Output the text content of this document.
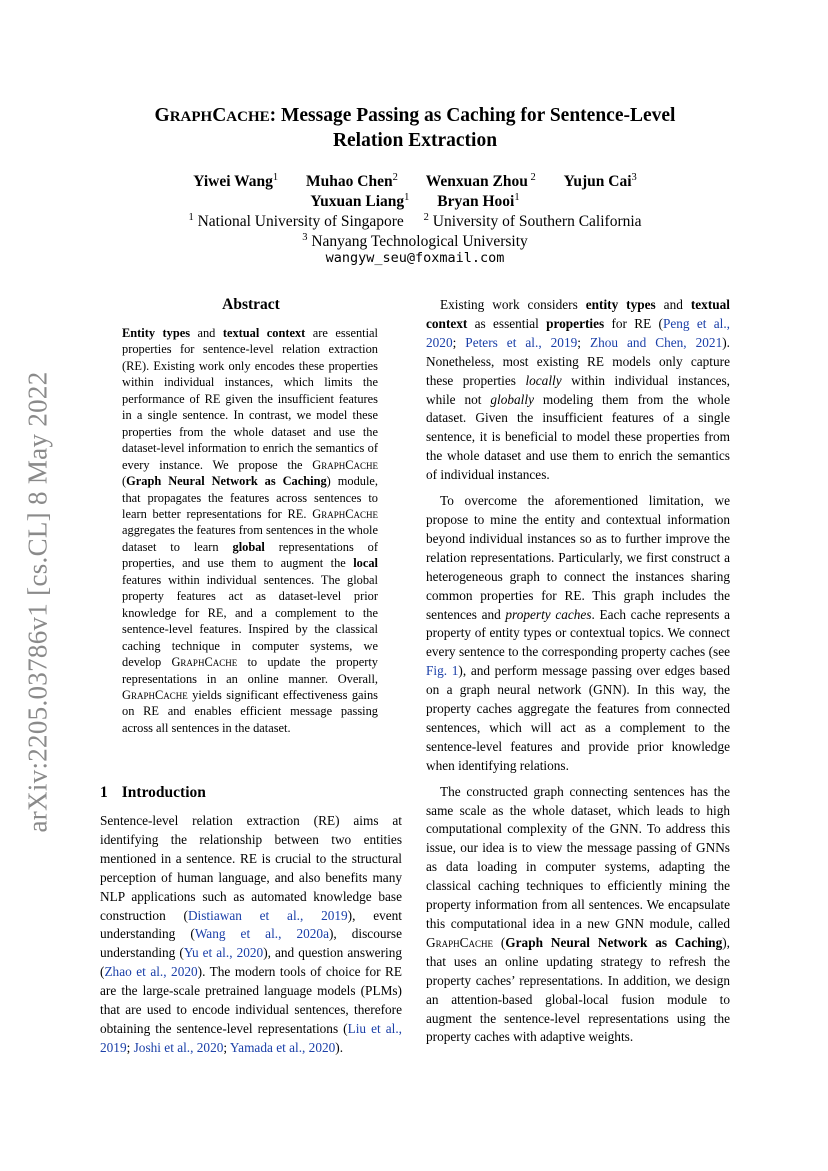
arXiv:2205.03786v1 [cs.CL] 8 May 2022
GRAPHCACHE: Message Passing as Caching for Sentence-Level
Relation Extraction
Yiwei Wang$^1$ Muhao Chen$^2$ Wenxuan Zhou $^2$ Yujun Cai$^3$
Yuxuan Liang$^1$ Bryan Hooi$^1$
$^1$ National University of Singapore $^2$ University of Southern California
$^3$ Nanyang Technological University
wangyw_seu@foxmail.com
Abstract

Entity types and textual context are essential properties for sentence-level relation extraction (RE). Existing work only encodes these properties within individual instances, which limits the performance of RE given the insufficient features in a single sentence. In contrast, we model these properties from the whole dataset and use the dataset-level information to enrich the semantics of every instance. We propose the GraphCache (Graph Neural Network as Caching) module, that propagates the features across sentences to learn better representations for RE. GraphCache aggregates the features from sentences in the whole dataset to learn global representations of properties, and use them to augment the local features within individual sentences. The global property features act as dataset-level prior knowledge for RE, and a complement to the sentence-level features. Inspired by the classical caching technique in computer systems, we develop GraphCache to update the property representations in an online manner. Overall, GraphCache yields significant effectiveness gains on RE and enables efficient message passing across all sentences in the dataset.

1 Introduction

Sentence-level relation extraction (RE) aims at identifying the relationship between two entities mentioned in a sentence. RE is crucial to the structural perception of human language, and also benefits many NLP applications such as automated knowledge base construction (Distiawan et al., 2019), event understanding (Wang et al., 2020a), discourse understanding (Yu et al., 2020), and question answering (Zhao et al., 2020). The modern tools of choice for RE are the large-scale pretrained language models (PLMs) that are used to encode individual sentences, therefore obtaining the sentence-level representations (Liu et al., 2019; Joshi et al., 2020; Yamada et al., 2020).

Existing work considers entity types and textual context as essential properties for RE (Peng et al., 2020; Peters et al., 2019; Zhou and Chen, 2021). Nonetheless, most existing RE models only capture these properties locally within individual instances, while not globally modeling them from the whole dataset. Given the insufficient features of a single sentence, it is beneficial to model these properties from the whole dataset and use them to enrich the semantics of individual instances.

To overcome the aforementioned limitation, we propose to mine the entity and contextual information beyond individual instances so as to further improve the relation representations. Particularly, we first construct a heterogeneous graph to connect the instances sharing common properties for RE. This graph includes the sentences and property caches. Each cache represents a property of entity types or contextual topics. We connect every sentence to the corresponding property caches (see Fig. 1), and perform message passing over edges based on a graph neural network (GNN). In this way, the property caches aggregate the features from connected sentences, which will act as a complement to the sentence-level features and provide prior knowledge when identifying relations.

The constructed graph connecting sentences has the same scale as the whole dataset, which leads to high computational complexity of the GNN. To address this issue, our idea is to view the message passing of GNNs as data loading in computer systems, adapting the classical caching techniques to efficiently mining the property information from all sentences. We encapsulate this computational idea in a new GNN module, called GraphCache (Graph Neural Network as Caching), that uses an online updating strategy to refresh the property caches’ representations. In addition, we design an attention-based global-local fusion module to augment the sentence-level representations using the property caches with adaptive weights.
